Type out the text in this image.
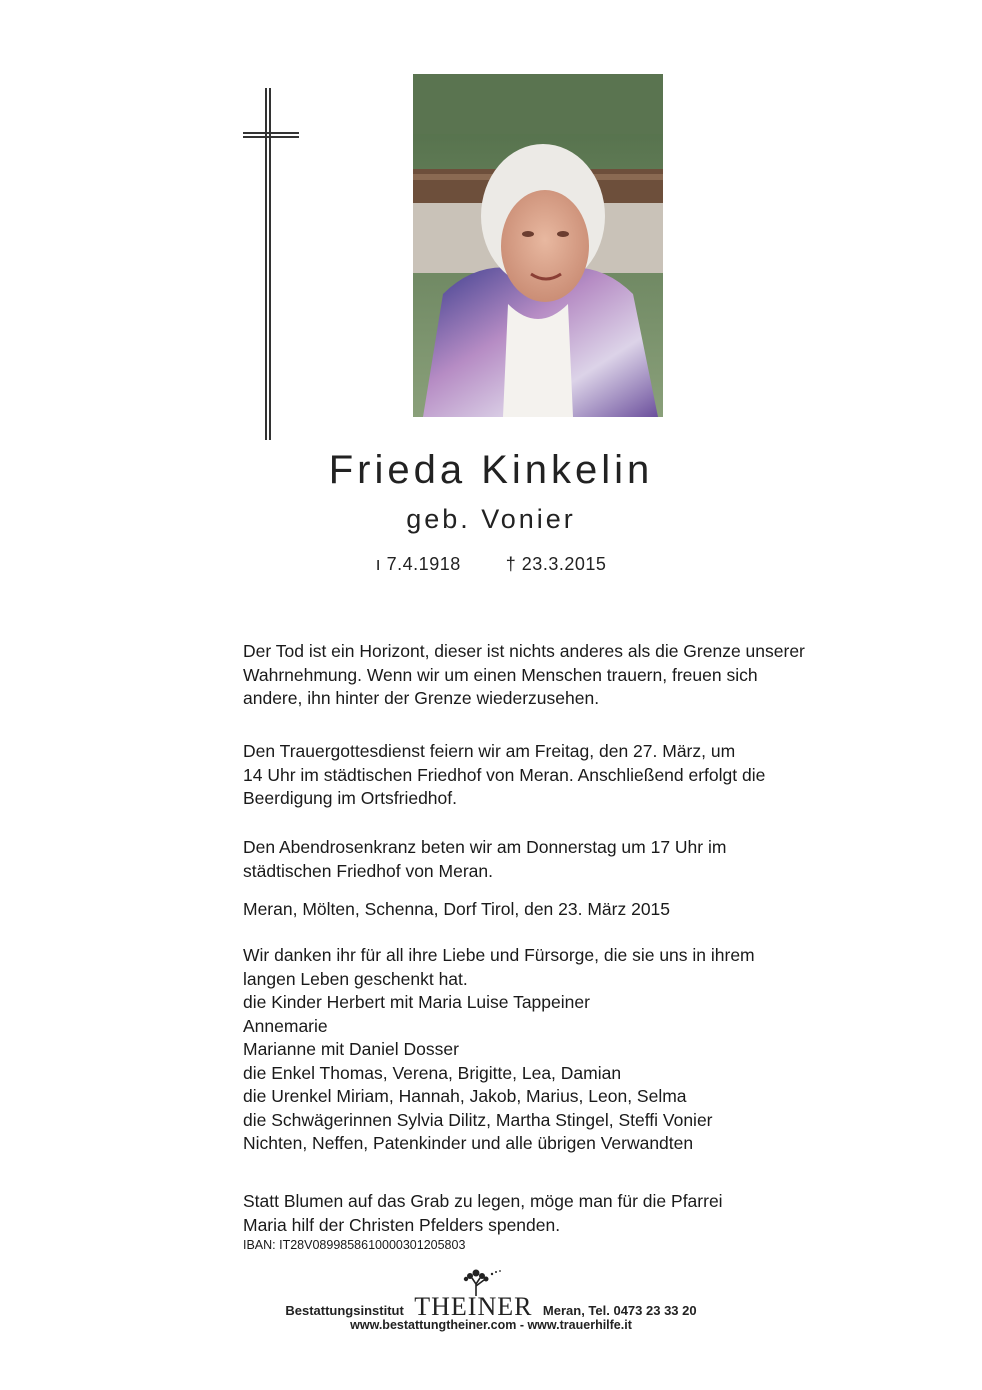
Frieda Kinkelin
geb. Vonier
ı 7.4.1918	† 23.3.2015
Der Tod ist ein Horizont, dieser ist nichts anderes als die Grenze unserer
Wahrnehmung. Wenn wir um einen Menschen trauern, freuen sich
andere, ihn hinter der Grenze wiederzusehen.
Den Trauergottesdienst feiern wir am Freitag, den 27. März, um
14 Uhr im städtischen Friedhof von Meran. Anschließend erfolgt die
Beerdigung im Ortsfriedhof.
Den Abendrosenkranz beten wir am Donnerstag um 17 Uhr im
städtischen Friedhof von Meran.
Meran, Mölten, Schenna, Dorf Tirol, den 23. März 2015
Wir danken ihr für all ihre Liebe und Fürsorge, die sie uns in ihrem
langen Leben geschenkt hat.
die Kinder Herbert mit Maria Luise Tappeiner
Annemarie
Marianne mit Daniel Dosser
die Enkel Thomas, Verena, Brigitte, Lea, Damian
die Urenkel Miriam, Hannah, Jakob, Marius, Leon, Selma
die Schwägerinnen Sylvia Dilitz, Martha Stingel, Steffi Vonier
Nichten, Neffen, Patenkinder und alle übrigen Verwandten
Statt Blumen auf das Grab zu legen, möge man für die Pfarrei
Maria hilf der Christen Pfelders spenden.
IBAN: IT28V0899858610000301205803
Bestattungsinstitut THEINER Meran, Tel. 0473 23 33 20
www.bestattungtheiner.com - www.trauerhilfe.it
